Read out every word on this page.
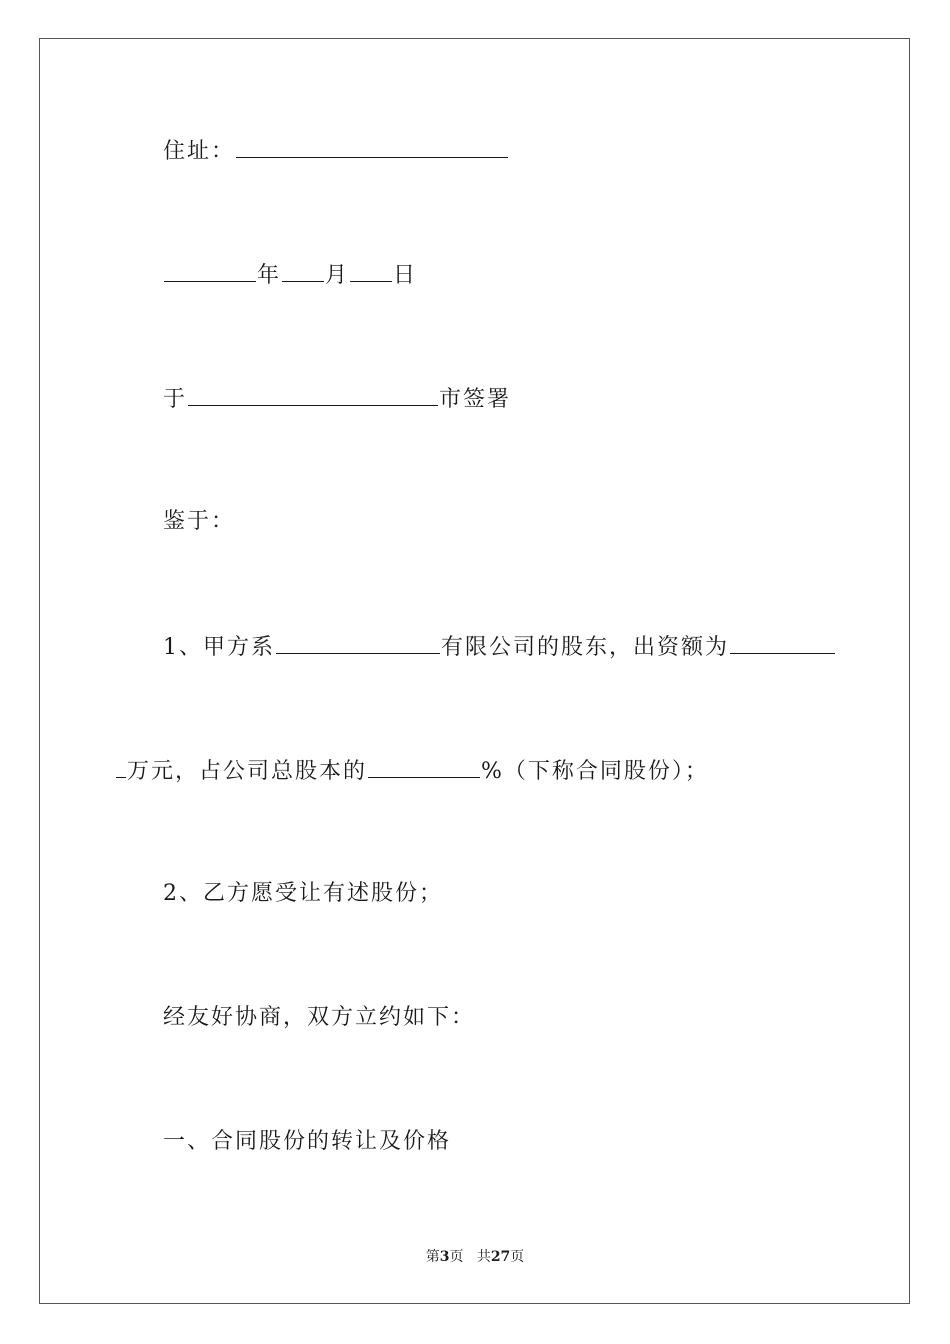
住址：
年 月 日
于	市签署
鉴于：
1、甲方系	有限公司的股东，出资额为
万元，占公司总股本的	%（下称合同股份）；
2、乙方愿受让有述股份；
经友好协商，双方立约如下：
一、合同股份的转让及价格
第3页 共27页
